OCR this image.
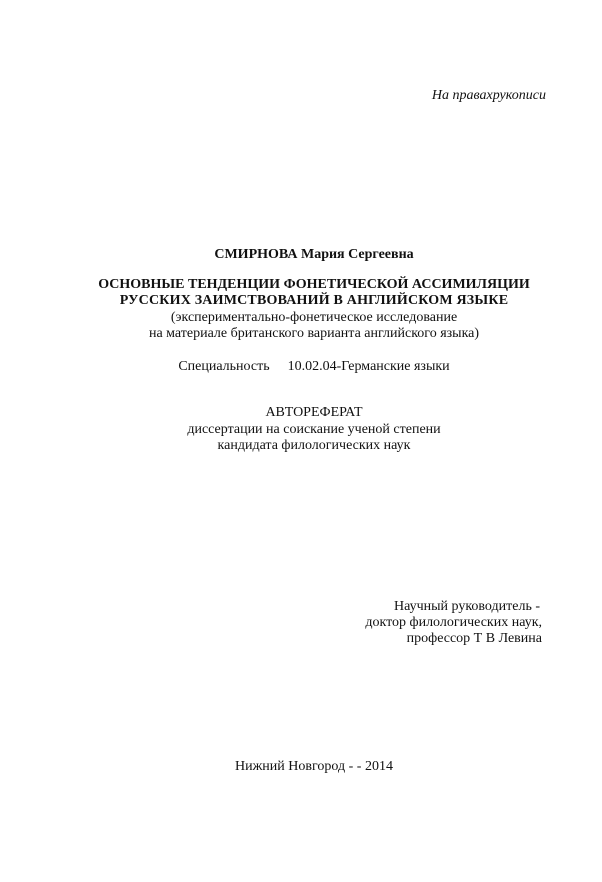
На правахрукописи
СМИРНОВА Мария Сергеевна
ОСНОВНЫЕ ТЕНДЕНЦИИ ФОНЕТИЧЕСКОЙ АССИМИЛЯЦИИ
РУССКИХ ЗАИМСТВОВАНИЙ В АНГЛИЙСКОМ ЯЗЫКЕ
(экспериментально-фонетическое исследование
на материале британского варианта английского языка)
Специальность 10.02.04-Германские языки
АВТОРЕФЕРАТ
диссертации на соискание ученой степени
кандидата филологических наук
Научный руководитель -
доктор филологических наук,
профессор Т В Левина
Нижний Новгород - - 2014
